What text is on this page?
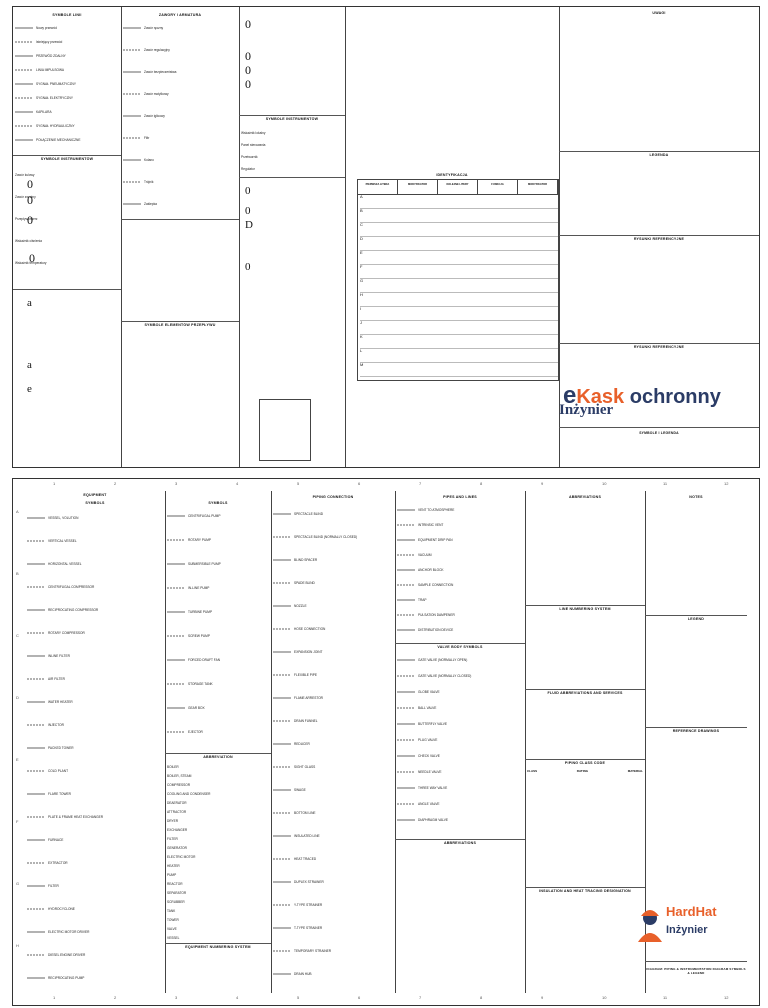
SYMBOLE LINII
Nowy przewód
Istniejący przewód
PRZEWÓD ZDALNY
LINIA IMPULSOWA
SYGNAŁ PNEUMATYCZNY
SYGNAŁ ELEKTRYCZNY
KAPILARA
SYGNAŁ HYDRAULICZNY
POŁĄCZENIE MECHANICZNE
SYMBOLE INSTRUMENTÓW
Zawór kulowy
Zawór zwrotny
Przepływomierz
Wskaźnik ciśnienia
Wskaźnik temperatury
0
0
0
0
a
a
e
ZAWORY I ARMATURA
Zawór ręczny
Zawór regulacyjny
Zawór bezpieczeństwa
Zawór motylkowy
Zawór iglicowy
Filtr
Kolano
Trójnik
Zaślepka
SYMBOLE ELEMENTÓW PRZEPŁYWU
SYMBOLE INSTRUMENTÓW
0
0
0
0
Wskaźnik lokalny
Panel sterowania
Przetwornik
Regulator
0
0
D
0

IDENTYFIKACJA
PIERWSZA LITERA	MODYFIKATOR	KOLEJNE LITERY	FUNKCJA	MODYFIKATOR
A
B
C
D
E
F
G
H
I
J
K
L
M
UWAGI
LEGENDA
RYSUNKI REFERENCYJNE
RYSUNKI REFERENCYJNE
SYMBOLE I LEGENDA
eKask ochronny
Inżynier
1	2	3	4	5	6	7	8	9	10	11	12
1	2	3	4	5	6	7	8	9	10	11	12
A
B
C
D
E
F
G
H
EQUIPMENT
SYMBOLS
VESSEL, VOLUTION
VERTICAL VESSEL
HORIZONTAL VESSEL
CENTRIFUGAL COMPRESSOR
RECIPROCATING COMPRESSOR
ROTARY COMPRESSOR
INLINE FILTER
AIR FILTER
WATER HEATER
INJECTOR
PACKED TOWER
COLD PLANT
FLARE TOWER
PLATE & FRAME HEAT EXCHANGER
FURNACE
EXTRACTOR
FILTER
HYDROCYCLONE
ELECTRIC MOTOR DRIVER
DIESEL ENGINE DRIVER
RECIPROCATING PUMP
SYMBOLS
CENTRIFUGAL PUMP
ROTARY PUMP
SUBMERSIBLE PUMP
IN-LINE PUMP
TURBINE PUMP
SCREW PUMP
FORCED DRAFT FAN
STORAGE TANK
GEAR BOX
EJECTOR
ABBREVIATION
BOILER
BOILER, STEAM
COMPRESSOR
COOLING AND CONDENSER
DEAERATOR
ATTRACTOR
DRYER
EXCHANGER
FILTER
GENERATOR
ELECTRIC MOTOR
HEATER
PUMP
REACTOR
SEPARATOR
SCRUBBER
TANK
TOWER
VALVE
VESSEL
EQUIPMENT NUMBERING SYSTEM
PIPING CONNECTION
SPECTACLE BLIND
SPECTACLE BLIND (NORMALLY CLOSED)
BLIND SPACER
SPADE BLIND
NOZZLE
HOSE CONNECTION
EXPANSION JOINT
FLEXIBLE PIPE
FLAME ARRESTOR
DRAIN FUNNEL
REDUCER
SIGHT GLASS
SWAGE
BOTTOM LINE
INSULATED LINE
HEAT TRACED
DUPLEX STRAINER
Y-TYPE STRAINER
T-TYPE STRAINER
TEMPORARY STRAINER
DRAIN HUB
PIPES AND LINES
VENT TO ATMOSPHERE
INTRINSIC VENT
EQUIPMENT DRIP PAN
VACUUM
ANCHOR BLOCK
SAMPLE CONNECTION
TRAP
PULSATION DAMPENER
DISTRIBUTION DEVICE
VALVE BODY SYMBOLS
GATE VALVE (NORMALLY OPEN)
GATE VALVE (NORMALLY CLOSED)
GLOBE VALVE
BALL VALVE
BUTTERFLY VALVE
PLUG VALVE
CHECK VALVE
NEEDLE VALVE
THREE WAY VALVE
ANGLE VALVE
DIAPHRAGM VALVE
ABBREVIATIONS
ABBREVIATIONS
LINE NUMBERING SYSTEM
FLUID ABBREVIATIONS AND SERVICES
PIPING CLASS CODE
CLASS	RATING	MATERIAL
INSULATION AND HEAT TRACING DESIGNATION
NOTES
LEGEND
REFERENCE DRAWINGS
DIAGRAM: PIPING & INSTRUMENTATION DIAGRAM SYMBOLS & LEGEND
HardHat
Inżynier
